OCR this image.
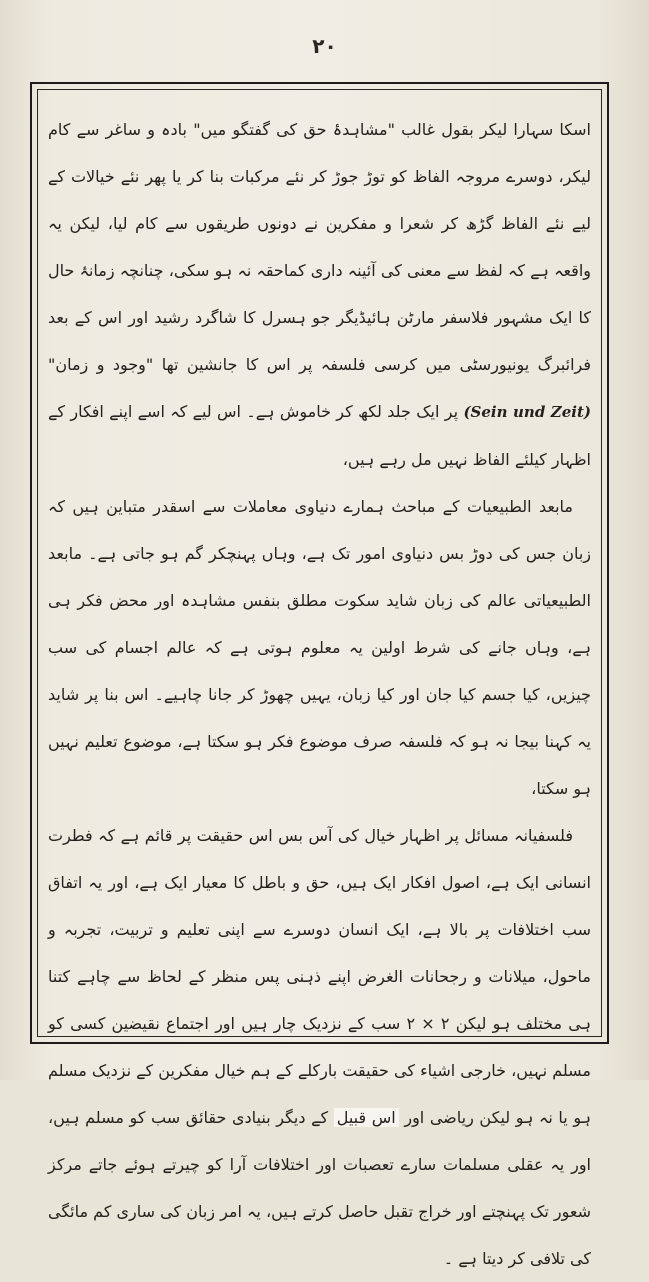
۲۰

اسکا سہارا لیکر بقول غالب "مشاہدۂ حق کی گفتگو میں" بادہ و ساغر سے کام لیکر، دوسرے مروجہ الفاظ کو توڑ جوڑ کر نئے مرکبات بنا کر یا پھر نئے خیالات کے لیے نئے الفاظ گڑھ کر شعرا و مفکرین نے دونوں طریقوں سے کام لیا، لیکن یہ واقعہ ہے کہ لفظ سے معنی کی آئینہ داری کماحقہ نہ ہو سکی، چنانچہ زمانۂ حال کا ایک مشہور فلاسفر مارٹن ہائیڈیگر جو ہسرل کا شاگرد رشید اور اس کے بعد فرائبرگ یونیورسٹی میں کرسی فلسفہ پر اس کا جانشین تھا "وجود و زمان" (Sein und Zeit) پر ایک جلد لکھ کر خاموش ہے۔ اس لیے کہ اسے اپنے افکار کے اظہار کیلئے الفاظ نہیں مل رہے ہیں،

مابعد الطبیعیات کے مباحث ہمارے دنیاوی معاملات سے اسقدر متباین ہیں کہ زبان جس کی دوڑ بس دنیاوی امور تک ہے، وہاں پہنچکر گم ہو جاتی ہے۔ مابعد الطبیعیاتی عالم کی زبان شاید سکوت مطلق بنفس مشاہدہ اور محض فکر ہی ہے، وہاں جانے کی شرط اولین یہ معلوم ہوتی ہے کہ عالم اجسام کی سب چیزیں، کیا جسم کیا جان اور کیا زبان، یہیں چھوڑ کر جانا چاہیے۔ اس بنا پر شاید یہ کہنا بیجا نہ ہو کہ فلسفہ صرف موضوع فکر ہو سکتا ہے، موضوع تعلیم نہیں ہو سکتا،

فلسفیانہ مسائل پر اظہار خیال کی آس بس اس حقیقت پر قائم ہے کہ فطرت انسانی ایک ہے، اصول افکار ایک ہیں، حق و باطل کا معیار ایک ہے، اور یہ اتفاق سب اختلافات پر بالا ہے، ایک انسان دوسرے سے اپنی تعلیم و تربیت، تجربہ و ماحول، میلانات و رجحانات الغرض اپنے ذہنی پس منظر کے لحاظ سے چاہے کتنا ہی مختلف ہو لیکن ۲ × ۲ سب کے نزدیک چار ہیں اور اجتماع نقیضین کسی کو مسلم نہیں، خارجی اشیاء کی حقیقت بارکلے کے ہم خیال مفکرین کے نزدیک مسلم ہو یا نہ ہو لیکن ریاضی اور اس قبیل کے دیگر بنیادی حقائق سب کو مسلم ہیں، اور یہ عقلی مسلمات سارے تعصبات اور اختلافات آرا کو چیرتے ہوئے جاتے مرکز شعور تک پہنچتے اور خراج تقبل حاصل کرتے ہیں، یہ امر زبان کی ساری کم مائگی کی تلافی کر دیتا ہے ۔
